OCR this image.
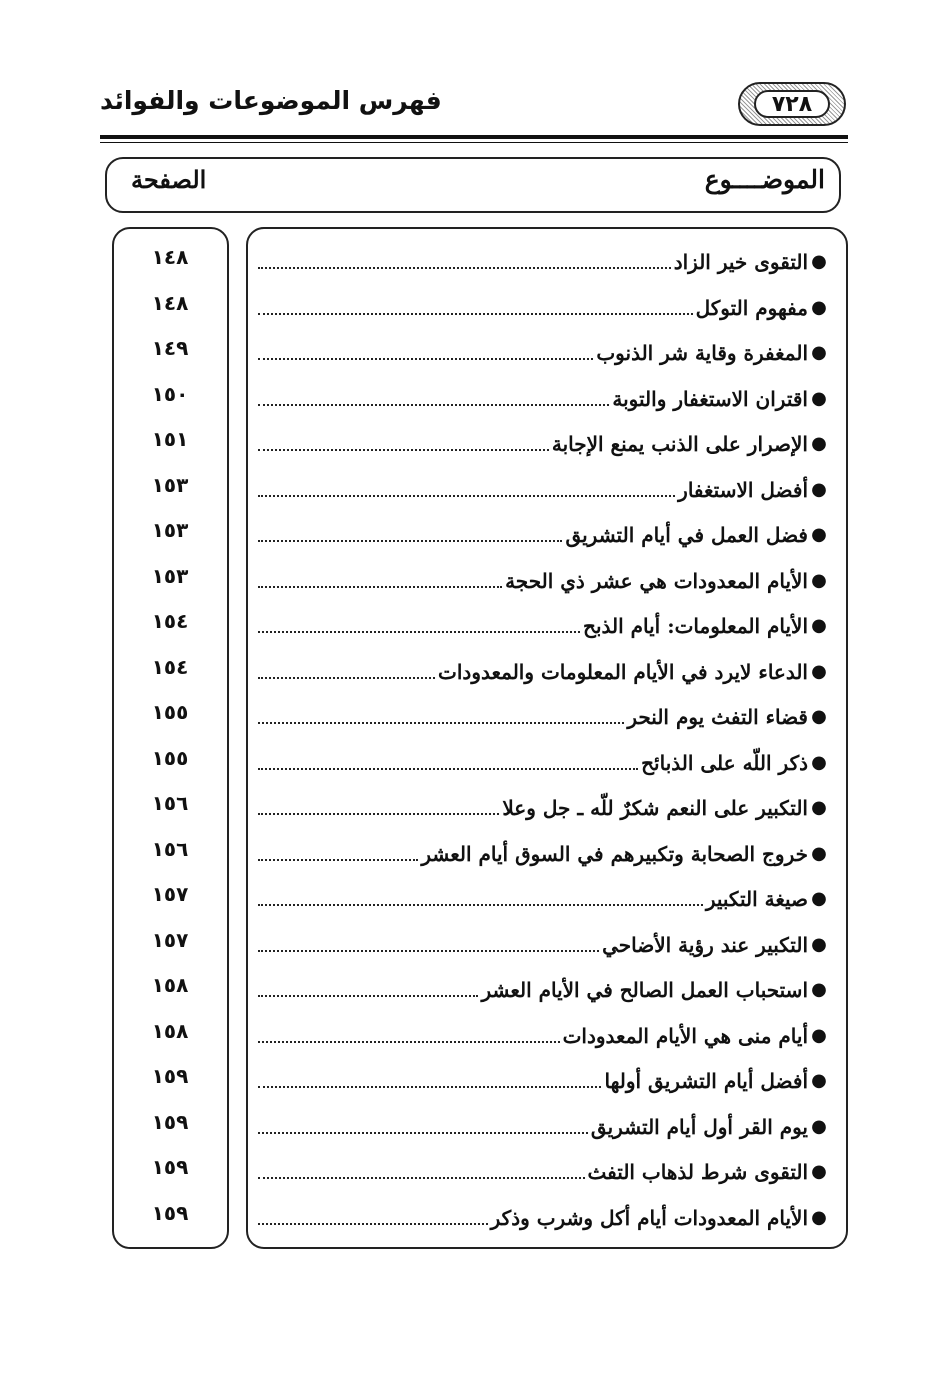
فهرس الموضوعات والفوائد	٧٢٨
الموضــــوع
الصفحة
●
التقوى خير الزاد
١٤٨
●
مفهوم التوكل
١٤٨
●
المغفرة وقاية شر الذنوب
١٤٩
●
اقتران الاستغفار والتوبة
١٥٠
●
الإصرار على الذنب يمنع الإجابة
١٥١
●
أفضل الاستغفار
١٥٣
●
فضل العمل في أيام التشريق
١٥٣
●
الأيام المعدودات هي عشر ذي الحجة
١٥٣
●
الأيام المعلومات: أيام الذبح
١٥٤
●
الدعاء لايرد في الأيام المعلومات والمعدودات
١٥٤
●
قضاء التفث يوم النحر
١٥٥
●
ذكر اللّه على الذبائح
١٥٥
●
التكبير على النعم شكرٌ للّه ـ جل وعلا
١٥٦
●
خروج الصحابة وتكبيرهم في السوق أيام العشر
١٥٦
●
صيغة التكبير
١٥٧
●
التكبير عند رؤية الأضاحي
١٥٧
●
استحباب العمل الصالح في الأيام العشر
١٥٨
●
أيام منى هي الأيام المعدودات
١٥٨
●
أفضل أيام التشريق أولها
١٥٩
●
يوم القر أول أيام التشريق
١٥٩
●
التقوى شرط لذهاب التفث
١٥٩
●
الأيام المعدودات أيام أكل وشرب وذكر
١٥٩
